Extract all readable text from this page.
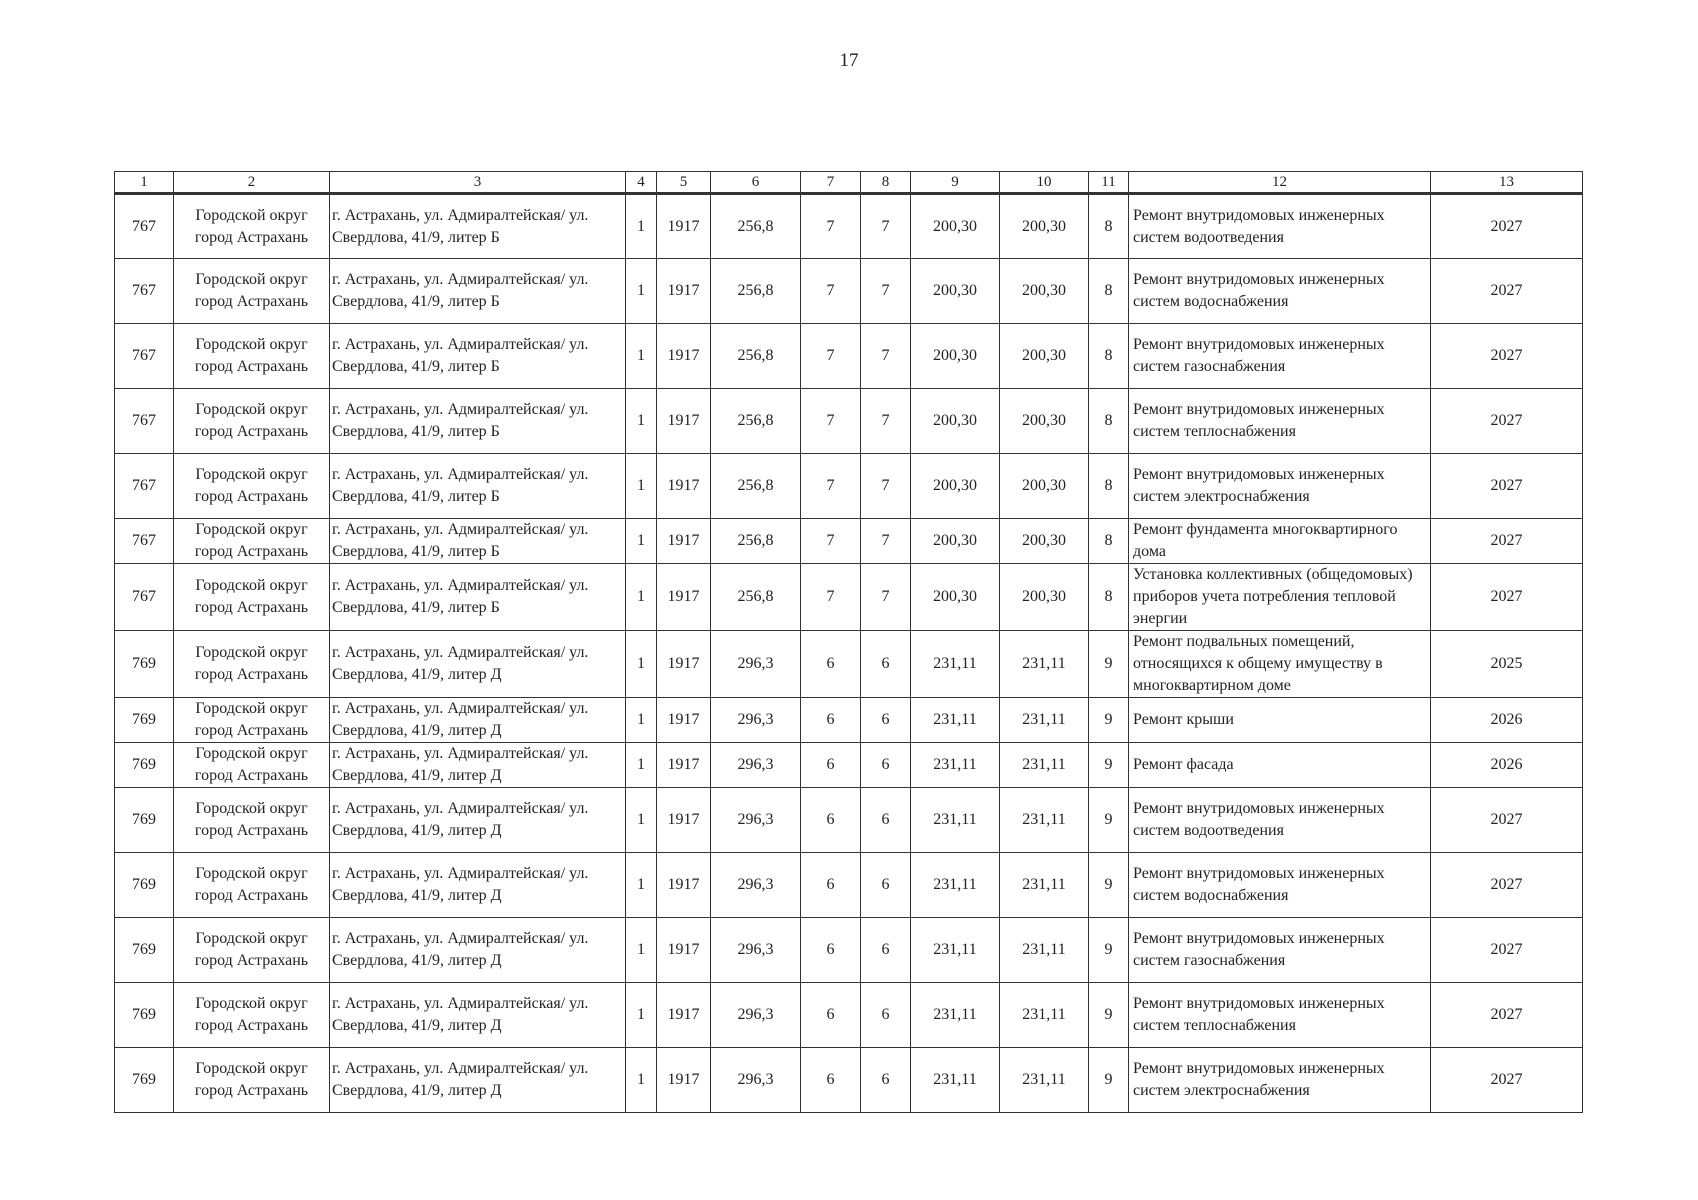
17
1	2	3	4	5	6	7	8	9	10	11	12	13
767	Городской округ город Астрахань	г. Астрахань, ул. Адмиралтейская/ ул. Свердлова, 41/9, литер Б	1	1917	256,8	7	7	200,30	200,30	8	Ремонт внутридомовых инженерных систем водоотведения	2027
767	Городской округ город Астрахань	г. Астрахань, ул. Адмиралтейская/ ул. Свердлова, 41/9, литер Б	1	1917	256,8	7	7	200,30	200,30	8	Ремонт внутридомовых инженерных систем водоснабжения	2027
767	Городской округ город Астрахань	г. Астрахань, ул. Адмиралтейская/ ул. Свердлова, 41/9, литер Б	1	1917	256,8	7	7	200,30	200,30	8	Ремонт внутридомовых инженерных систем газоснабжения	2027
767	Городской округ город Астрахань	г. Астрахань, ул. Адмиралтейская/ ул. Свердлова, 41/9, литер Б	1	1917	256,8	7	7	200,30	200,30	8	Ремонт внутридомовых инженерных систем теплоснабжения	2027
767	Городской округ город Астрахань	г. Астрахань, ул. Адмиралтейская/ ул. Свердлова, 41/9, литер Б	1	1917	256,8	7	7	200,30	200,30	8	Ремонт внутридомовых инженерных систем электроснабжения	2027
767	Городской округ город Астрахань	г. Астрахань, ул. Адмиралтейская/ ул. Свердлова, 41/9, литер Б	1	1917	256,8	7	7	200,30	200,30	8	Ремонт фундамента многоквартирного дома	2027
767	Городской округ город Астрахань	г. Астрахань, ул. Адмиралтейская/ ул. Свердлова, 41/9, литер Б	1	1917	256,8	7	7	200,30	200,30	8	Установка коллективных (общедомовых) приборов учета потребления тепловой энергии	2027
769	Городской округ город Астрахань	г. Астрахань, ул. Адмиралтейская/ ул. Свердлова, 41/9, литер Д	1	1917	296,3	6	6	231,11	231,11	9	Ремонт подвальных помещений, относящихся к общему имуществу в многоквартирном доме	2025
769	Городской округ город Астрахань	г. Астрахань, ул. Адмиралтейская/ ул. Свердлова, 41/9, литер Д	1	1917	296,3	6	6	231,11	231,11	9	Ремонт крыши	2026
769	Городской округ город Астрахань	г. Астрахань, ул. Адмиралтейская/ ул. Свердлова, 41/9, литер Д	1	1917	296,3	6	6	231,11	231,11	9	Ремонт фасада	2026
769	Городской округ город Астрахань	г. Астрахань, ул. Адмиралтейская/ ул. Свердлова, 41/9, литер Д	1	1917	296,3	6	6	231,11	231,11	9	Ремонт внутридомовых инженерных систем водоотведения	2027
769	Городской округ город Астрахань	г. Астрахань, ул. Адмиралтейская/ ул. Свердлова, 41/9, литер Д	1	1917	296,3	6	6	231,11	231,11	9	Ремонт внутридомовых инженерных систем водоснабжения	2027
769	Городской округ город Астрахань	г. Астрахань, ул. Адмиралтейская/ ул. Свердлова, 41/9, литер Д	1	1917	296,3	6	6	231,11	231,11	9	Ремонт внутридомовых инженерных систем газоснабжения	2027
769	Городской округ город Астрахань	г. Астрахань, ул. Адмиралтейская/ ул. Свердлова, 41/9, литер Д	1	1917	296,3	6	6	231,11	231,11	9	Ремонт внутридомовых инженерных систем теплоснабжения	2027
769	Городской округ город Астрахань	г. Астрахань, ул. Адмиралтейская/ ул. Свердлова, 41/9, литер Д	1	1917	296,3	6	6	231,11	231,11	9	Ремонт внутридомовых инженерных систем электроснабжения	2027
